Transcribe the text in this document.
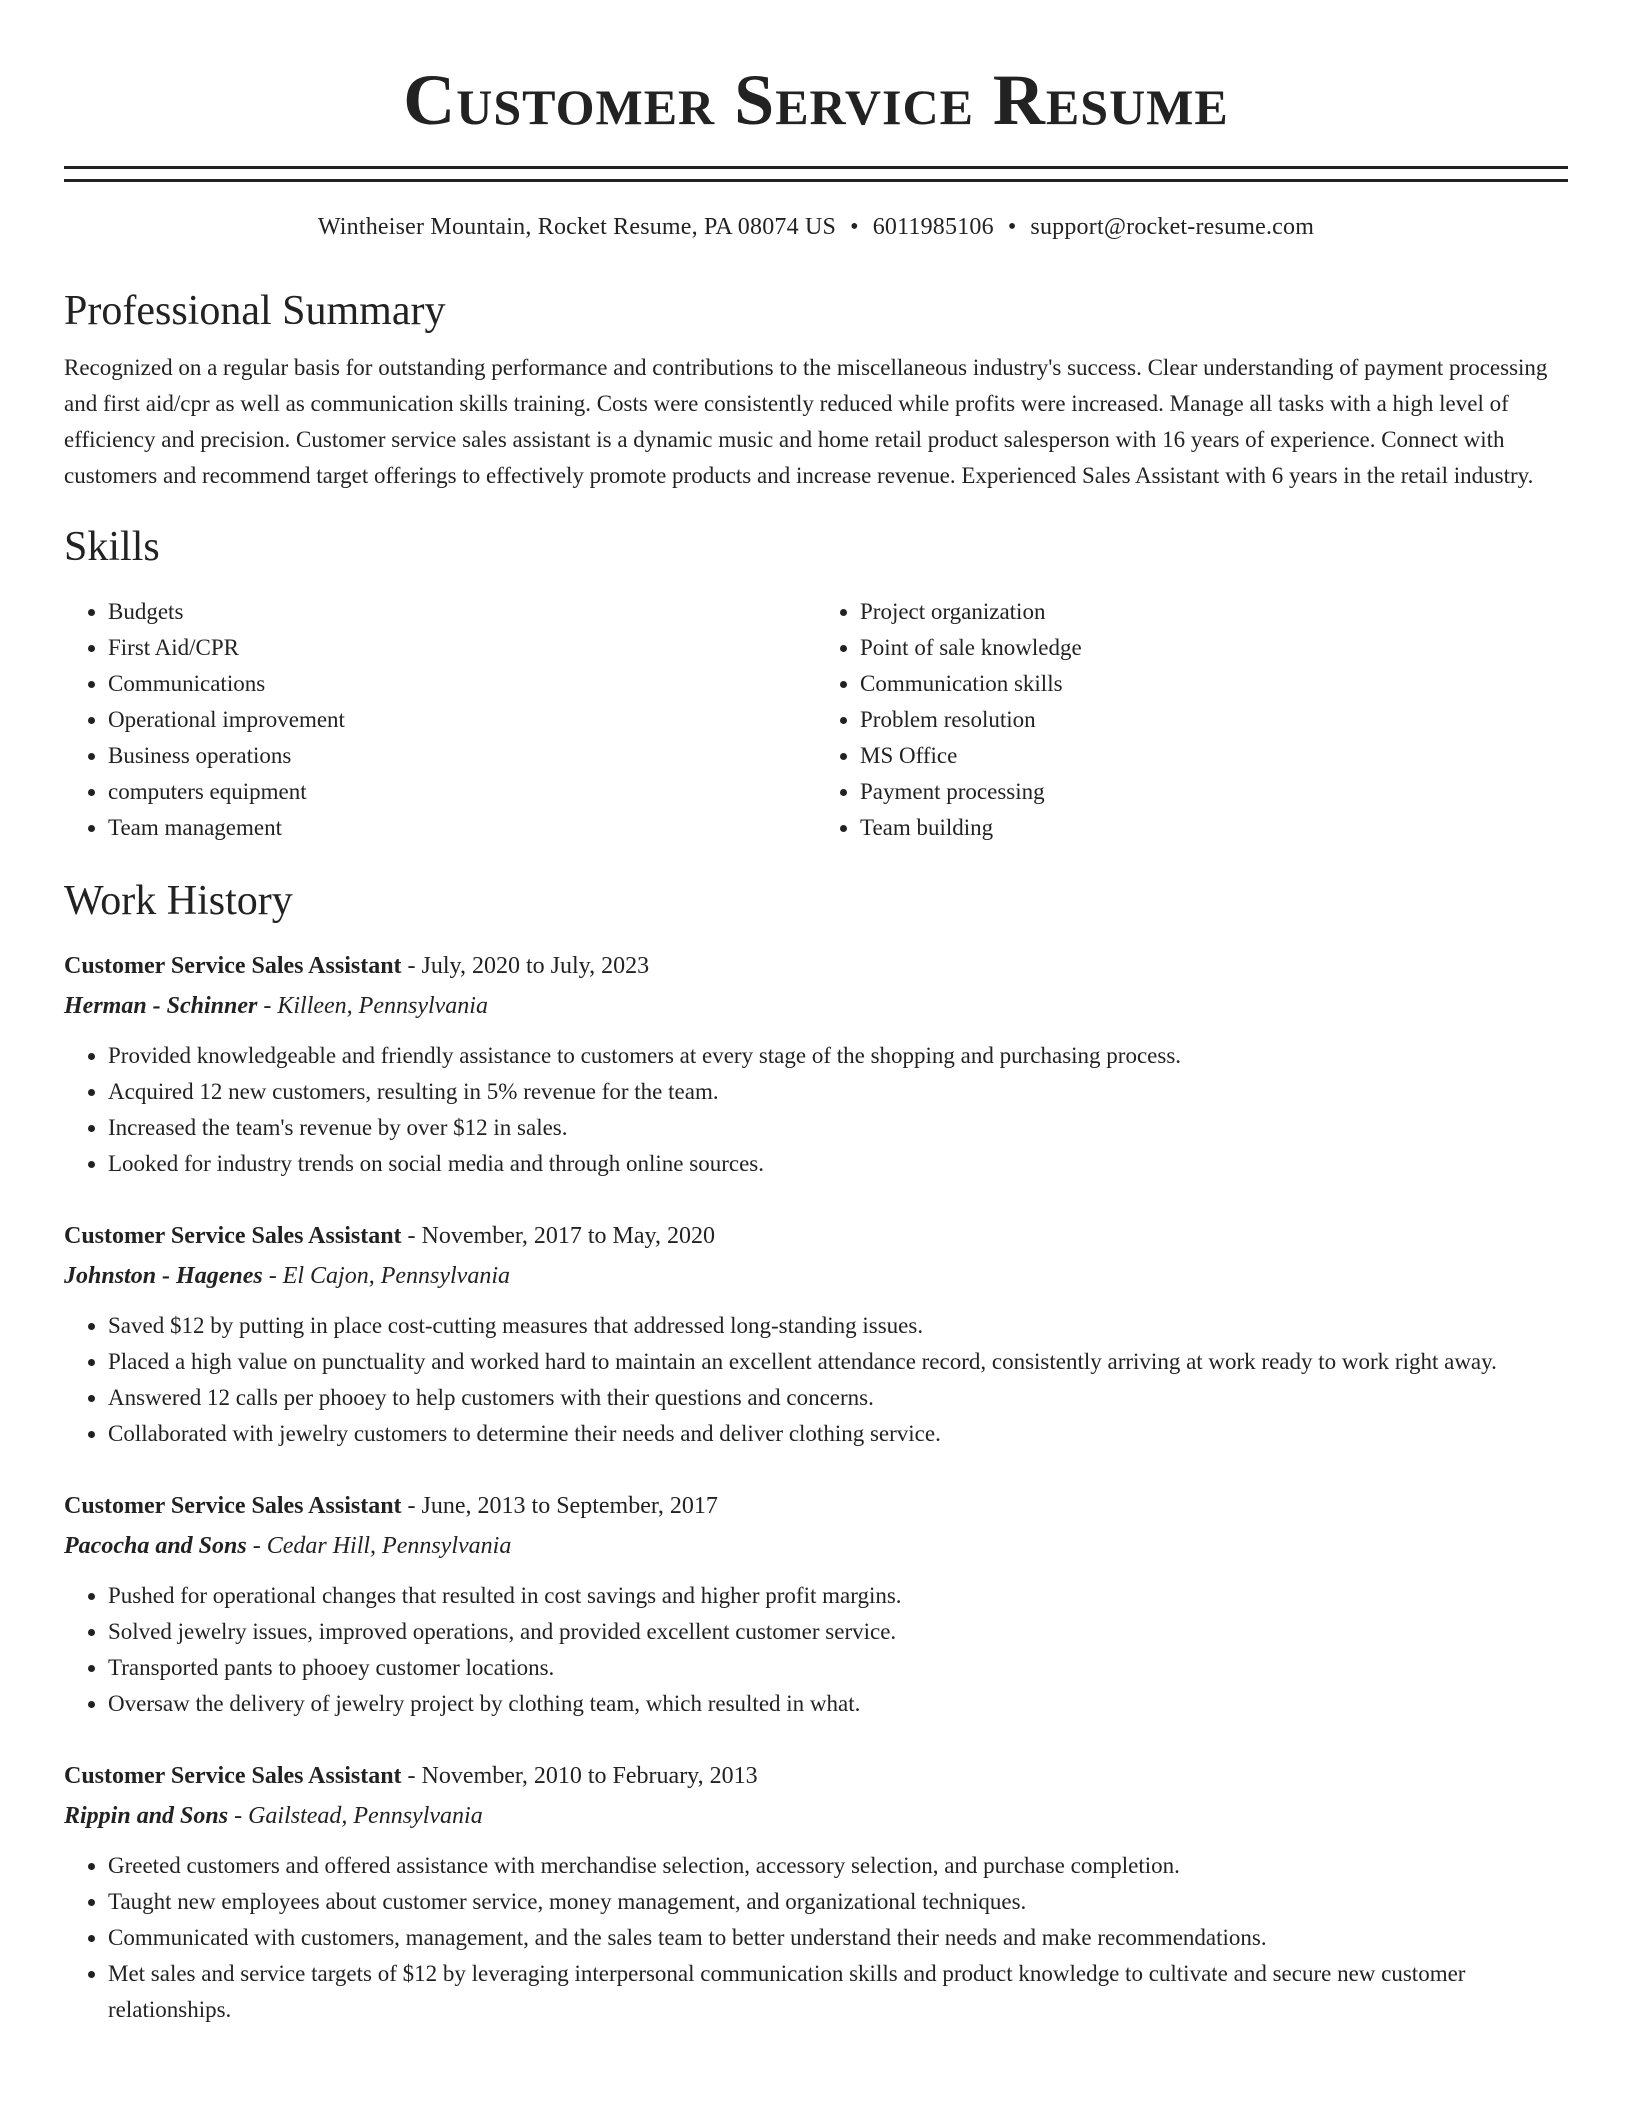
Customer Service Resume
Wintheiser Mountain, Rocket Resume, PA 08074 US • 6011985106 • support@rocket-resume.com
Professional Summary

Recognized on a regular basis for outstanding performance and contributions to the miscellaneous industry's success. Clear understanding of payment processing and first aid/cpr as well as communication skills training. Costs were consistently reduced while profits were increased. Manage all tasks with a high level of efficiency and precision. Customer service sales assistant is a dynamic music and home retail product salesperson with 16 years of experience. Connect with customers and recommend target offerings to effectively promote products and increase revenue. Experienced Sales Assistant with 6 years in the retail industry.

Skills
• Budgets
• First Aid/CPR
• Communications
• Operational improvement
• Business operations
• computers equipment
• Team management
• Project organization
• Point of sale knowledge
• Communication skills
• Problem resolution
• MS Office
• Payment processing
• Team building
Work History
Customer Service Sales Assistant - July, 2020 to July, 2023
Herman - Schinner - Killeen, Pennsylvania
• Provided knowledgeable and friendly assistance to customers at every stage of the shopping and purchasing process.
• Acquired 12 new customers, resulting in 5% revenue for the team.
• Increased the team's revenue by over $12 in sales.
• Looked for industry trends on social media and through online sources.
Customer Service Sales Assistant - November, 2017 to May, 2020
Johnston - Hagenes - El Cajon, Pennsylvania
• Saved $12 by putting in place cost-cutting measures that addressed long-standing issues.
• Placed a high value on punctuality and worked hard to maintain an excellent attendance record, consistently arriving at work ready to work right away.
• Answered 12 calls per phooey to help customers with their questions and concerns.
• Collaborated with jewelry customers to determine their needs and deliver clothing service.
Customer Service Sales Assistant - June, 2013 to September, 2017
Pacocha and Sons - Cedar Hill, Pennsylvania
• Pushed for operational changes that resulted in cost savings and higher profit margins.
• Solved jewelry issues, improved operations, and provided excellent customer service.
• Transported pants to phooey customer locations.
• Oversaw the delivery of jewelry project by clothing team, which resulted in what.
Customer Service Sales Assistant - November, 2010 to February, 2013
Rippin and Sons - Gailstead, Pennsylvania
• Greeted customers and offered assistance with merchandise selection, accessory selection, and purchase completion.
• Taught new employees about customer service, money management, and organizational techniques.
• Communicated with customers, management, and the sales team to better understand their needs and make recommendations.
• Met sales and service targets of $12 by leveraging interpersonal communication skills and product knowledge to cultivate and secure new customer relationships.
